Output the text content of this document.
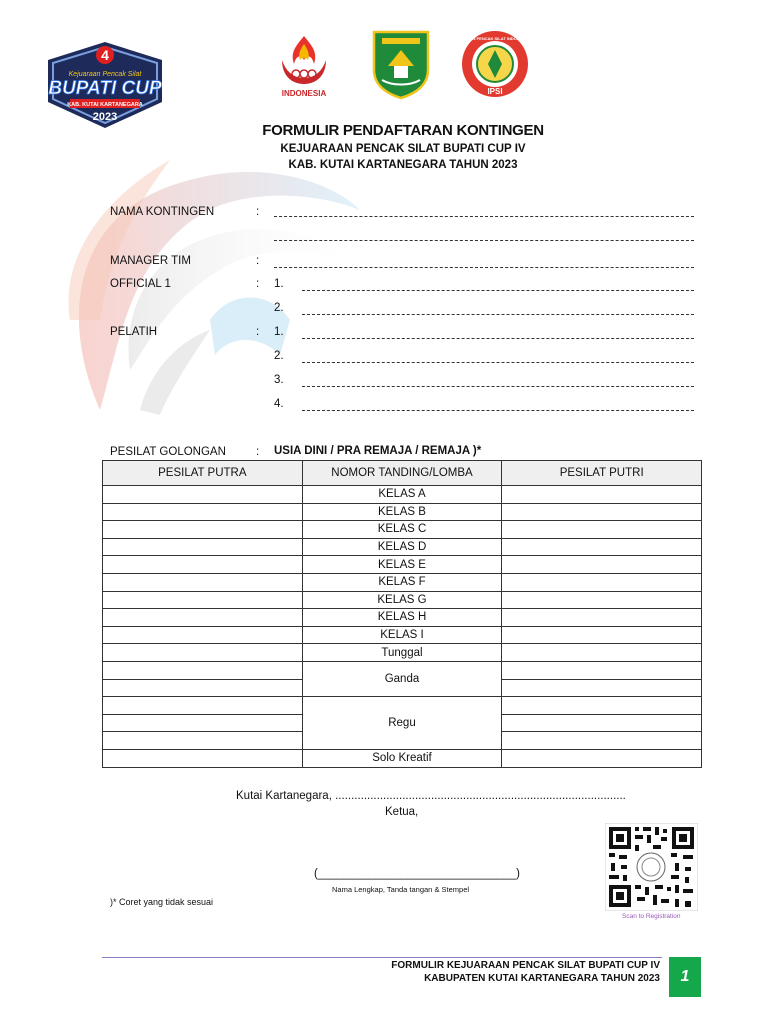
4
Kejuaraan Pencak Silat
BUPATI CUP
KAB. KUTAI KARTANEGARA
2023
INDONESIA
IKATAN PENCAK SILAT INDONESIA
IPSI
FORMULIR PENDAFTARAN KONTINGEN
KEJUARAAN PENCAK SILAT BUPATI CUP IV
KAB. KUTAI KARTANEGARA TAHUN 2023
NAMA KONTINGEN	:
MANAGER TIM	:
OFFICIAL 1	: 1.
2.
PELATIH	: 1.
2.
3.
4.
PESILAT GOLONGAN	: USIA DINI / PRA REMAJA / REMAJA )*
PESILAT PUTRA	NOMOR TANDING/LOMBA	PESILAT PUTRI
	KELAS A	
	KELAS B	
	KELAS C	
	KELAS D	
	KELAS E	
	KELAS F	
	KELAS G	
	KELAS H	
	KELAS I	
	Tunggal	
	Ganda	

	Regu	

	Solo Kreatif	
Kutai Kartanegara, ...........................................................................................
Ketua,
(_______________________________)
Nama Lengkap, Tanda tangan & Stempel
)* Coret yang tidak sesuai
Scan to Registration
FORMULIR KEJUARAAN PENCAK SILAT BUPATI CUP IV
KABUPATEN KUTAI KARTANEGARA TAHUN 2023	1
